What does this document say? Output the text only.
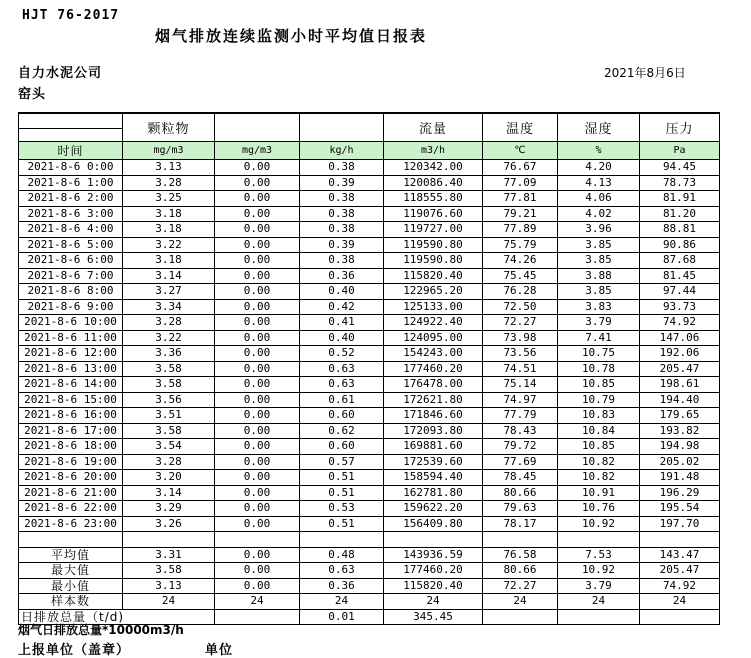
HJT 76-2017
烟气排放连续监测小时平均值日报表
自力水泥公司
窑头
2021年8月6日
	颗粒物			流量	温度	湿度	压力
时间	mg/m3	mg/m3	kg/h	m3/h	℃	%	Pa
2021-8-6 0:00	3.13	0.00	0.38	120342.00	76.67	4.20	94.45
2021-8-6 1:00	3.28	0.00	0.39	120086.40	77.09	4.13	78.73
2021-8-6 2:00	3.25	0.00	0.38	118555.80	77.81	4.06	81.91
2021-8-6 3:00	3.18	0.00	0.38	119076.60	79.21	4.02	81.20
2021-8-6 4:00	3.18	0.00	0.38	119727.00	77.89	3.96	88.81
2021-8-6 5:00	3.22	0.00	0.39	119590.80	75.79	3.85	90.86
2021-8-6 6:00	3.18	0.00	0.38	119590.80	74.26	3.85	87.68
2021-8-6 7:00	3.14	0.00	0.36	115820.40	75.45	3.88	81.45
2021-8-6 8:00	3.27	0.00	0.40	122965.20	76.28	3.85	97.44
2021-8-6 9:00	3.34	0.00	0.42	125133.00	72.50	3.83	93.73
2021-8-6 10:00	3.28	0.00	0.41	124922.40	72.27	3.79	74.92
2021-8-6 11:00	3.22	0.00	0.40	124095.00	73.98	7.41	147.06
2021-8-6 12:00	3.36	0.00	0.52	154243.00	73.56	10.75	192.06
2021-8-6 13:00	3.58	0.00	0.63	177460.20	74.51	10.78	205.47
2021-8-6 14:00	3.58	0.00	0.63	176478.00	75.14	10.85	198.61
2021-8-6 15:00	3.56	0.00	0.61	172621.80	74.97	10.79	194.40
2021-8-6 16:00	3.51	0.00	0.60	171846.60	77.79	10.83	179.65
2021-8-6 17:00	3.58	0.00	0.62	172093.80	78.43	10.84	193.82
2021-8-6 18:00	3.54	0.00	0.60	169881.60	79.72	10.85	194.98
2021-8-6 19:00	3.28	0.00	0.57	172539.60	77.69	10.82	205.02
2021-8-6 20:00	3.20	0.00	0.51	158594.40	78.45	10.82	191.48
2021-8-6 21:00	3.14	0.00	0.51	162781.80	80.66	10.91	196.29
2021-8-6 22:00	3.29	0.00	0.53	159622.20	79.63	10.76	195.54
2021-8-6 23:00	3.26	0.00	0.51	156409.80	78.17	10.92	197.70

平均值	3.31	0.00	0.48	143936.59	76.58	7.53	143.47
最大值	3.58	0.00	0.63	177460.20	80.66	10.92	205.47
最小值	3.13	0.00	0.36	115820.40	72.27	3.79	74.92
样本数	24	24	24	24	24	24	24
日排放总量（t/d)			0.01	345.45			
烟气日排放总量*10000m3/h
上报单位（盖章）	单位
